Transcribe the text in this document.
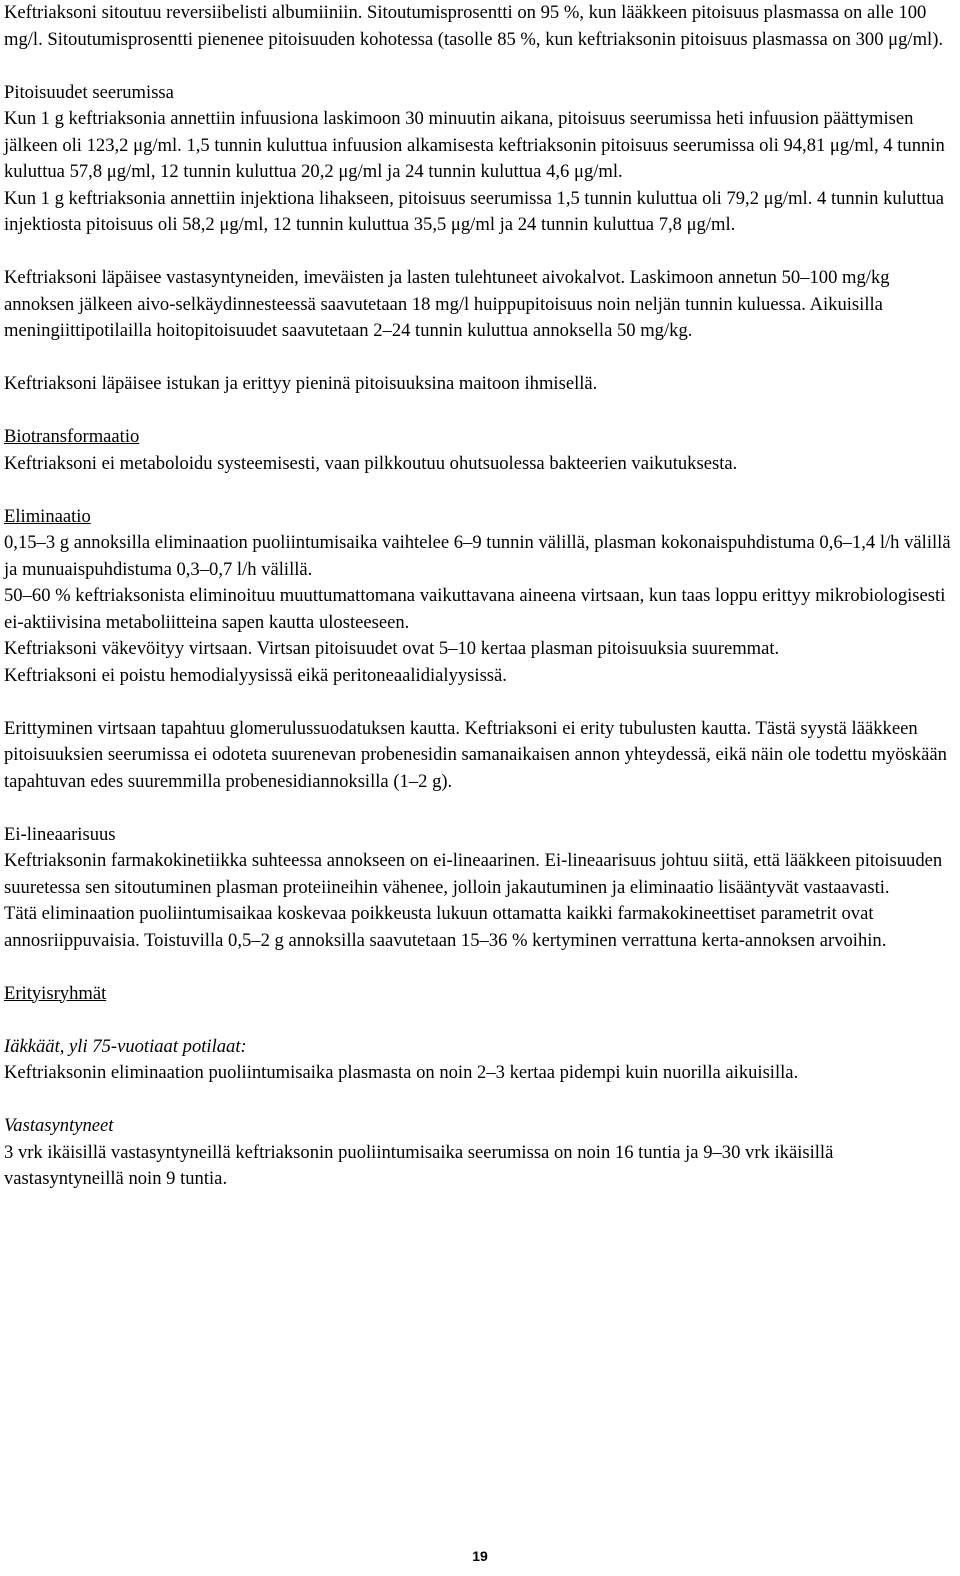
Keftriaksoni sitoutuu reversiibelisti albumiiniin. Sitoutumisprosentti on 95 %, kun lääkkeen pitoisuus plasmassa on alle 100 mg/l. Sitoutumisprosentti pienenee pitoisuuden kohotessa (tasolle 85 %, kun keftriaksonin pitoisuus plasmassa on 300 μg/ml).

Pitoisuudet seerumissa

Kun 1 g keftriaksonia annettiin infuusiona laskimoon 30 minuutin aikana, pitoisuus seerumissa heti infuusion päättymisen jälkeen oli 123,2 μg/ml. 1,5 tunnin kuluttua infuusion alkamisesta keftriaksonin pitoisuus seerumissa oli 94,81 μg/ml, 4 tunnin kuluttua 57,8 μg/ml, 12 tunnin kuluttua 20,2 μg/ml ja 24 tunnin kuluttua 4,6 μg/ml.

Kun 1 g keftriaksonia annettiin injektiona lihakseen, pitoisuus seerumissa 1,5 tunnin kuluttua oli 79,2 μg/ml. 4 tunnin kuluttua injektiosta pitoisuus oli 58,2 μg/ml, 12 tunnin kuluttua 35,5 μg/ml ja 24 tunnin kuluttua 7,8 μg/ml.

Keftriaksoni läpäisee vastasyntyneiden, imeväisten ja lasten tulehtuneet aivokalvot. Laskimoon annetun 50–100 mg/kg annoksen jälkeen aivo-selkäydinnesteessä saavutetaan 18 mg/l huippupitoisuus noin neljän tunnin kuluessa. Aikuisilla meningiittipotilailla hoitopitoisuudet saavutetaan 2–24 tunnin kuluttua annoksella 50 mg/kg.

Keftriaksoni läpäisee istukan ja erittyy pieninä pitoisuuksina maitoon ihmisellä.

Biotransformaatio

Keftriaksoni ei metaboloidu systeemisesti, vaan pilkkoutuu ohutsuolessa bakteerien vaikutuksesta.

Eliminaatio

0,15–3 g annoksilla eliminaation puoliintumisaika vaihtelee 6–9 tunnin välillä, plasman kokonaispuhdistuma 0,6–1,4 l/h välillä ja munuaispuhdistuma 0,3–0,7 l/h välillä.

50–60 % keftriaksonista eliminoituu muuttumattomana vaikuttavana aineena virtsaan, kun taas loppu erittyy mikrobiologisesti ei-aktiivisina metaboliitteina sapen kautta ulosteeseen.

Keftriaksoni väkevöityy virtsaan. Virtsan pitoisuudet ovat 5–10 kertaa plasman pitoisuuksia suuremmat.

Keftriaksoni ei poistu hemodialyysissä eikä peritoneaalidialyysissä.

Erittyminen virtsaan tapahtuu glomerulussuodatuksen kautta. Keftriaksoni ei erity tubulusten kautta. Tästä syystä lääkkeen pitoisuuksien seerumissa ei odoteta suurenevan probenesidin samanaikaisen annon yhteydessä, eikä näin ole todettu myöskään tapahtuvan edes suuremmilla probenesidiannoksilla (1–2 g).

Ei-lineaarisuus

Keftriaksonin farmakokinetiikka suhteessa annokseen on ei-lineaarinen. Ei-lineaarisuus johtuu siitä, että lääkkeen pitoisuuden suuretessa sen sitoutuminen plasman proteiineihin vähenee, jolloin jakautuminen ja eliminaatio lisääntyvät vastaavasti.

Tätä eliminaation puoliintumisaikaa koskevaa poikkeusta lukuun ottamatta kaikki farmakokineettiset parametrit ovat annosriippuvaisia. Toistuvilla 0,5–2 g annoksilla saavutetaan 15–36 % kertyminen verrattuna kerta-annoksen arvoihin.

Erityisryhmät

Iäkkäät, yli 75-vuotiaat potilaat:

Keftriaksonin eliminaation puoliintumisaika plasmasta on noin 2–3 kertaa pidempi kuin nuorilla aikuisilla.

Vastasyntyneet

3 vrk ikäisillä vastasyntyneillä keftriaksonin puoliintumisaika seerumissa on noin 16 tuntia ja 9–30 vrk ikäisillä vastasyntyneillä noin 9 tuntia.

19
